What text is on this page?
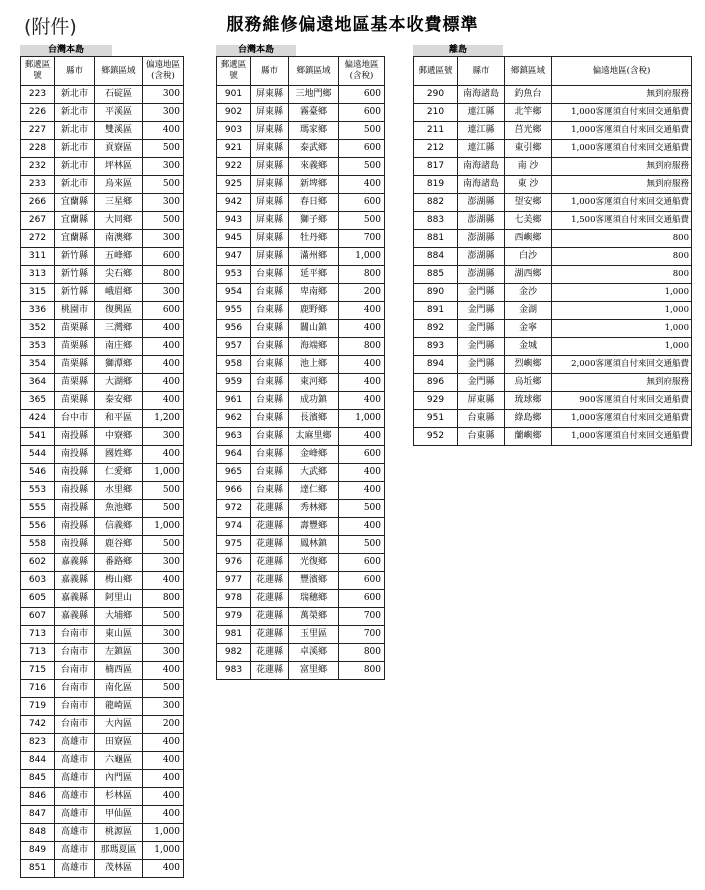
(附件)	服務維修偏遠地區基本收費標準
台灣本島
郵遞區號	縣市	鄉鎮區域	偏遠地區(含稅)
223	新北市	石碇區	300
226	新北市	平溪區	300
227	新北市	雙溪區	400
228	新北市	貢寮區	500
232	新北市	坪林區	300
233	新北市	烏來區	500
266	宜蘭縣	三星鄉	300
267	宜蘭縣	大同鄉	500
272	宜蘭縣	南澳鄉	300
311	新竹縣	五峰鄉	600
313	新竹縣	尖石鄉	800
315	新竹縣	峨眉鄉	300
336	桃園市	復興區	600
352	苗栗縣	三灣鄉	400
353	苗栗縣	南庄鄉	400
354	苗栗縣	獅潭鄉	400
364	苗栗縣	大湖鄉	400
365	苗栗縣	泰安鄉	400
424	台中市	和平區	1,200
541	南投縣	中寮鄉	300
544	南投縣	國姓鄉	400
546	南投縣	仁愛鄉	1,000
553	南投縣	水里鄉	500
555	南投縣	魚池鄉	500
556	南投縣	信義鄉	1,000
558	南投縣	鹿谷鄉	500
602	嘉義縣	番路鄉	300
603	嘉義縣	梅山鄉	400
605	嘉義縣	阿里山	800
607	嘉義縣	大埔鄉	500
713	台南市	東山區	300
713	台南市	左鎮區	300
715	台南市	楠西區	400
716	台南市	南化區	500
719	台南市	龍崎區	300
742	台南市	大內區	200
823	高雄市	田寮區	400
844	高雄市	六龜區	400
845	高雄市	內門區	400
846	高雄市	杉林區	400
847	高雄市	甲仙區	400
848	高雄市	桃源區	1,000
849	高雄市	那瑪夏區	1,000
851	高雄市	茂林區	400
台灣本島
郵遞區號	縣市	鄉鎮區域	偏遠地區(含稅)
901	屏東縣	三地門鄉	600
902	屏東縣	霧臺鄉	600
903	屏東縣	瑪家鄉	500
921	屏東縣	泰武鄉	600
922	屏東縣	來義鄉	500
925	屏東縣	新埤鄉	400
942	屏東縣	春日鄉	600
943	屏東縣	獅子鄉	500
945	屏東縣	牡丹鄉	700
947	屏東縣	滿州鄉	1,000
953	台東縣	延平鄉	800
954	台東縣	卑南鄉	200
955	台東縣	鹿野鄉	400
956	台東縣	關山鎮	400
957	台東縣	海端鄉	800
958	台東縣	池上鄉	400
959	台東縣	東河鄉	400
961	台東縣	成功鎮	400
962	台東縣	長濱鄉	1,000
963	台東縣	太麻里鄉	400
964	台東縣	金峰鄉	600
965	台東縣	大武鄉	400
966	台東縣	達仁鄉	400
972	花蓮縣	秀林鄉	500
974	花蓮縣	壽豐鄉	400
975	花蓮縣	鳳林鎮	500
976	花蓮縣	光復鄉	600
977	花蓮縣	豐濱鄉	600
978	花蓮縣	瑞穗鄉	600
979	花蓮縣	萬榮鄉	700
981	花蓮縣	玉里區	700
982	花蓮縣	卓溪鄉	800
983	花蓮縣	富里鄉	800
離島
郵遞區號	縣市	鄉鎮區域	偏遠地區(含稅)
290	南海諸島	釣魚台	無到府服務
210	連江縣	北竿鄉	1,000客運須自付來回交通船費
211	連江縣	莒光鄉	1,000客運須自付來回交通船費
212	連江縣	東引鄉	1,000客運須自付來回交通船費
817	南海諸島	南 沙	無到府服務
819	南海諸島	東 沙	無到府服務
882	澎湖縣	望安鄉	1,000客運須自付來回交通船費
883	澎湖縣	七美鄉	1,500客運須自付來回交通船費
881	澎湖縣	西嶼鄉	800
884	澎湖縣	白沙	800
885	澎湖縣	湖西鄉	800
890	金門縣	金沙	1,000
891	金門縣	金湖	1,000
892	金門縣	金寧	1,000
893	金門縣	金城	1,000
894	金門縣	烈嶼鄉	2,000客運須自付來回交通船費
896	金門縣	烏坵鄉	無到府服務
929	屏東縣	琉球鄉	900客運須自付來回交通船費
951	台東縣	綠島鄉	1,000客運須自付來回交通船費
952	台東縣	蘭嶼鄉	1,000客運須自付來回交通船費
